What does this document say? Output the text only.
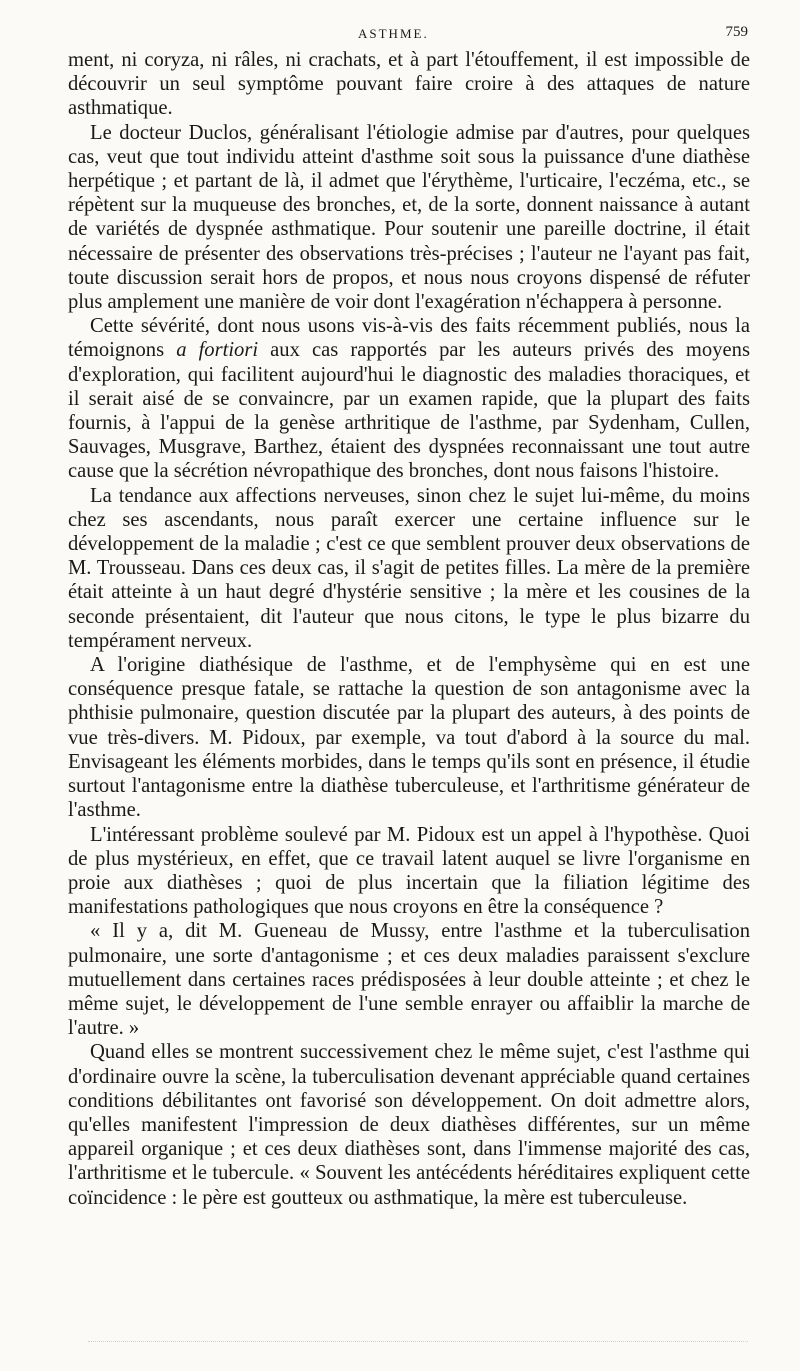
ASTHME.	759

ment, ni coryza, ni râles, ni crachats, et à part l'étouffement, il est impossible de découvrir un seul symptôme pouvant faire croire à des attaques de nature asthmatique.

Le docteur Duclos, généralisant l'étiologie admise par d'autres, pour quelques cas, veut que tout individu atteint d'asthme soit sous la puissance d'une diathèse herpétique ; et partant de là, il admet que l'érythème, l'urticaire, l'eczéma, etc., se répètent sur la muqueuse des bronches, et, de la sorte, donnent naissance à autant de variétés de dyspnée asthmatique. Pour soutenir une pareille doctrine, il était nécessaire de présenter des observations très-précises ; l'auteur ne l'ayant pas fait, toute discussion serait hors de propos, et nous nous croyons dispensé de réfuter plus amplement une manière de voir dont l'exagération n'échappera à personne.

Cette sévérité, dont nous usons vis-à-vis des faits récemment publiés, nous la témoignons a fortiori aux cas rapportés par les auteurs privés des moyens d'exploration, qui facilitent aujourd'hui le diagnostic des maladies thoraciques, et il serait aisé de se convaincre, par un examen rapide, que la plupart des faits fournis, à l'appui de la genèse arthritique de l'asthme, par Sydenham, Cullen, Sauvages, Musgrave, Barthez, étaient des dyspnées reconnaissant une tout autre cause que la sécrétion névropathique des bronches, dont nous faisons l'histoire.

La tendance aux affections nerveuses, sinon chez le sujet lui-même, du moins chez ses ascendants, nous paraît exercer une certaine influence sur le développement de la maladie ; c'est ce que semblent prouver deux observations de M. Trousseau. Dans ces deux cas, il s'agit de petites filles. La mère de la première était atteinte à un haut degré d'hystérie sensitive ; la mère et les cousines de la seconde présentaient, dit l'auteur que nous citons, le type le plus bizarre du tempérament nerveux.

A l'origine diathésique de l'asthme, et de l'emphysème qui en est une conséquence presque fatale, se rattache la question de son antagonisme avec la phthisie pulmonaire, question discutée par la plupart des auteurs, à des points de vue très-divers. M. Pidoux, par exemple, va tout d'abord à la source du mal. Envisageant les éléments morbides, dans le temps qu'ils sont en présence, il étudie surtout l'antagonisme entre la diathèse tuberculeuse, et l'arthritisme générateur de l'asthme.

L'intéressant problème soulevé par M. Pidoux est un appel à l'hypothèse. Quoi de plus mystérieux, en effet, que ce travail latent auquel se livre l'organisme en proie aux diathèses ; quoi de plus incertain que la filiation légitime des manifestations pathologiques que nous croyons en être la conséquence ?

« Il y a, dit M. Gueneau de Mussy, entre l'asthme et la tuberculisation pulmonaire, une sorte d'antagonisme ; et ces deux maladies paraissent s'exclure mutuellement dans certaines races prédisposées à leur double atteinte ; et chez le même sujet, le développement de l'une semble enrayer ou affaiblir la marche de l'autre. »

Quand elles se montrent successivement chez le même sujet, c'est l'asthme qui d'ordinaire ouvre la scène, la tuberculisation devenant appréciable quand certaines conditions débilitantes ont favorisé son développement. On doit admettre alors, qu'elles manifestent l'impression de deux diathèses différentes, sur un même appareil organique ; et ces deux diathèses sont, dans l'immense majorité des cas, l'arthritisme et le tubercule. « Souvent les antécédents héréditaires expliquent cette coïncidence : le père est goutteux ou asthmatique, la mère est tuberculeuse.
